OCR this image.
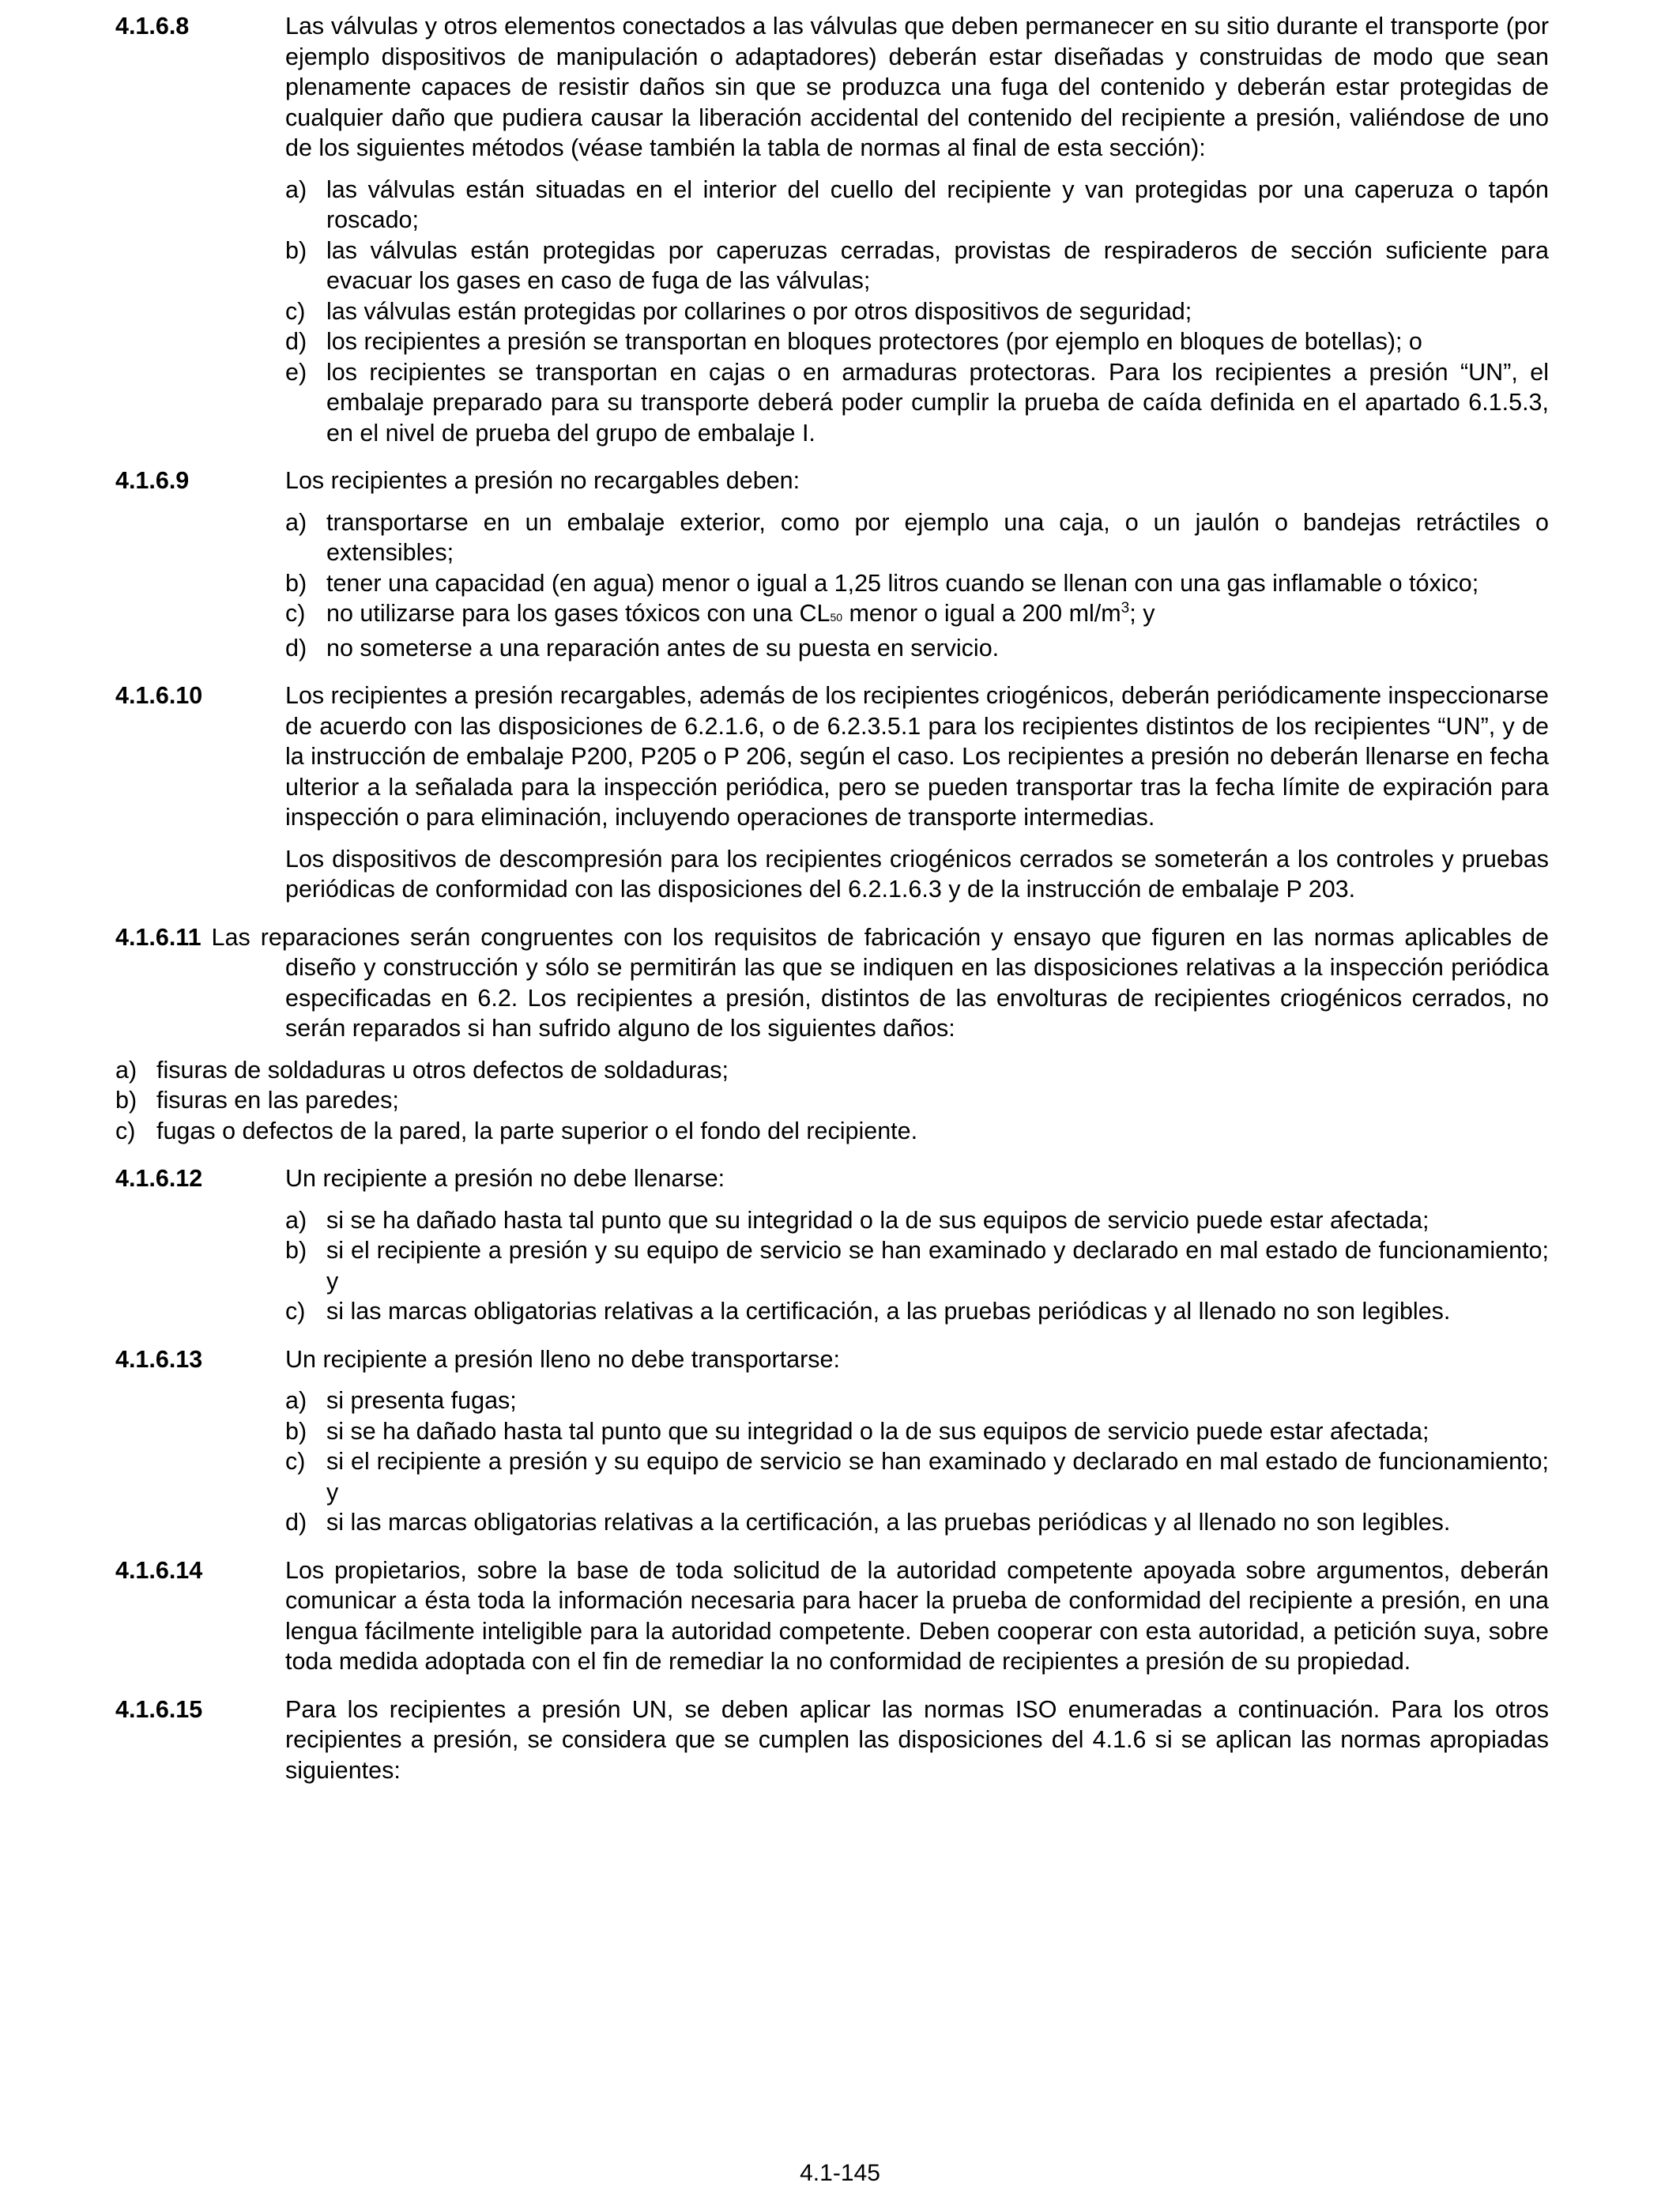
4.1.6.8	Las válvulas y otros elementos conectados a las válvulas que deben permanecer en su sitio durante el transporte (por ejemplo dispositivos de manipulación o adaptadores) deberán estar diseñadas y construidas de modo que sean plenamente capaces de resistir daños sin que se produzca una fuga del contenido y deberán estar protegidas de cualquier daño que pudiera causar la liberación accidental del contenido del recipiente a presión, valiéndose de uno de los siguientes métodos (véase también la tabla de normas al final de esta sección):

a) las válvulas están situadas en el interior del cuello del recipiente y van protegidas por una caperuza o tapón roscado;
b) las válvulas están protegidas por caperuzas cerradas, provistas de respiraderos de sección suficiente para evacuar los gases en caso de fuga de las válvulas;
c) las válvulas están protegidas por collarines o por otros dispositivos de seguridad;
d) los recipientes a presión se transportan en bloques protectores (por ejemplo en bloques de botellas); o
e) los recipientes se transportan en cajas o en armaduras protectoras. Para los recipientes a presión “UN”, el embalaje preparado para su transporte deberá poder cumplir la prueba de caída definida en el apartado 6.1.5.3, en el nivel de prueba del grupo de embalaje I.
4.1.6.9	Los recipientes a presión no recargables deben:

a) transportarse en un embalaje exterior, como por ejemplo una caja, o un jaulón o bandejas retráctiles o extensibles;
b) tener una capacidad (en agua) menor o igual a 1,25 litros cuando se llenan con una gas inflamable o tóxico;
c) no utilizarse para los gases tóxicos con una CL50 menor o igual a 200 $ml/m^3$; y
d) no someterse a una reparación antes de su puesta en servicio.
4.1.6.10	Los recipientes a presión recargables, además de los recipientes criogénicos, deberán periódicamente inspeccionarse de acuerdo con las disposiciones de 6.2.1.6, o de 6.2.3.5.1 para los recipientes distintos de los recipientes “UN”, y de la instrucción de embalaje P200, P205 o P 206, según el caso. Los recipientes a presión no deberán llenarse en fecha ulterior a la señalada para la inspección periódica, pero se pueden transportar tras la fecha límite de expiración para inspección o para eliminación, incluyendo operaciones de transporte intermedias.

Los dispositivos de descompresión para los recipientes criogénicos cerrados se someterán a los controles y pruebas periódicas de conformidad con las disposiciones del 6.2.1.6.3 y de la instrucción de embalaje P 203.

4.1.6.11 Las reparaciones serán congruentes con los requisitos de fabricación y ensayo que figuren en las normas aplicables de diseño y construcción y sólo se permitirán las que se indiquen en las disposiciones relativas a la inspección periódica especificadas en 6.2. Los recipientes a presión, distintos de las envolturas de recipientes criogénicos cerrados, no serán reparados si han sufrido alguno de los siguientes daños:

a) fisuras de soldaduras u otros defectos de soldaduras;
b) fisuras en las paredes;
c) fugas o defectos de la pared, la parte superior o el fondo del recipiente.
4.1.6.12	Un recipiente a presión no debe llenarse:

a) si se ha dañado hasta tal punto que su integridad o la de sus equipos de servicio puede estar afectada;
b) si el recipiente a presión y su equipo de servicio se han examinado y declarado en mal estado de funcionamiento; y
c) si las marcas obligatorias relativas a la certificación, a las pruebas periódicas y al llenado no son legibles.
4.1.6.13	Un recipiente a presión lleno no debe transportarse:

a) si presenta fugas;
b) si se ha dañado hasta tal punto que su integridad o la de sus equipos de servicio puede estar afectada;
c) si el recipiente a presión y su equipo de servicio se han examinado y declarado en mal estado de funcionamiento; y
d) si las marcas obligatorias relativas a la certificación, a las pruebas periódicas y al llenado no son legibles.
4.1.6.14	Los propietarios, sobre la base de toda solicitud de la autoridad competente apoyada sobre argumentos, deberán comunicar a ésta toda la información necesaria para hacer la prueba de conformidad del recipiente a presión, en una lengua fácilmente inteligible para la autoridad competente. Deben cooperar con esta autoridad, a petición suya, sobre toda medida adoptada con el fin de remediar la no conformidad de recipientes a presión de su propiedad.

4.1.6.15	Para los recipientes a presión UN, se deben aplicar las normas ISO enumeradas a continuación. Para los otros recipientes a presión, se considera que se cumplen las disposiciones del 4.1.6 si se aplican las normas apropiadas siguientes:

4.1-145
